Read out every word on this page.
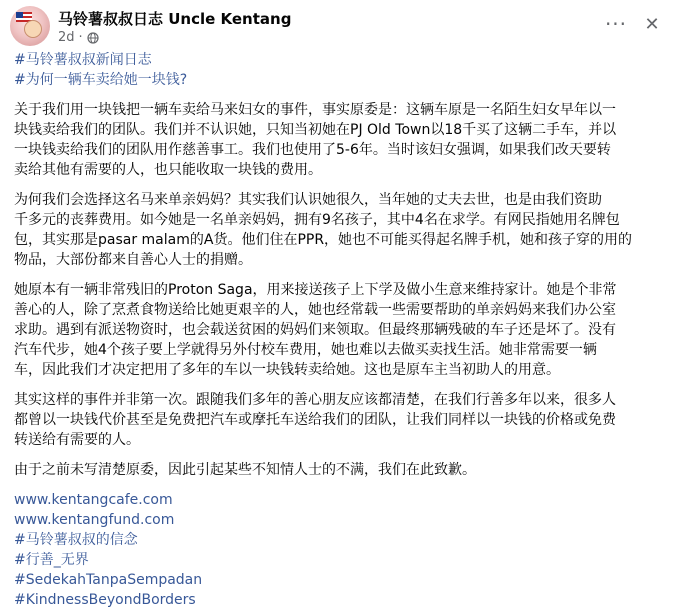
马铃薯叔叔日志 Uncle Kentang
2d ·
··· ✕

#马铃薯叔叔新闻日志

#为何一辆车卖给她一块钱?

关于我们用一块钱把一辆车卖给马来妇女的事件，事实原委是：这辆车原是一名陌生妇女早年以一
块钱卖给我们的团队。我们并不认识她，只知当初她在PJ Old Town以18千买了这辆二手车，并以
一块钱卖给我们的团队用作慈善事工。我们也使用了5-6年。当时该妇女强调，如果我们改天要转
卖给其他有需要的人，也只能收取一块钱的费用。

为何我们会选择这名马来单亲妈妈？其实我们认识她很久，当年她的丈夫去世，也是由我们资助
千多元的丧葬费用。如今她是一名单亲妈妈，拥有9名孩子，其中4名在求学。有网民指她用名牌包
包，其实那是pasar malam的A货。他们住在PPR，她也不可能买得起名牌手机，她和孩子穿的用的
物品，大部份都来自善心人士的捐赠。

她原本有一辆非常残旧的Proton Saga，用来接送孩子上下学及做小生意来维持家计。她是个非常
善心的人，除了烹煮食物送给比她更艰辛的人，她也经常载一些需要帮助的单亲妈妈来我们办公室
求助。遇到有派送物资时，也会载送贫困的妈妈们来领取。但最终那辆残破的车子还是坏了。没有
汽车代步，她4个孩子要上学就得另外付校车费用，她也难以去做买卖找生活。她非常需要一辆
车，因此我们才决定把用了多年的车以一块钱转卖给她。这也是原车主当初助人的用意。

其实这样的事件并非第一次。跟随我们多年的善心朋友应该都清楚，在我们行善多年以来，很多人
都曾以一块钱代价甚至是免费把汽车或摩托车送给我们的团队，让我们同样以一块钱的价格或免费
转送给有需要的人。

由于之前未写清楚原委，因此引起某些不知情人士的不满，我们在此致歉。

www.kentangcafe.com

www.kentangfund.com

#马铃薯叔叔的信念

#行善_无界

#SedekahTanpaSempadan

#KindnessBeyondBorders
